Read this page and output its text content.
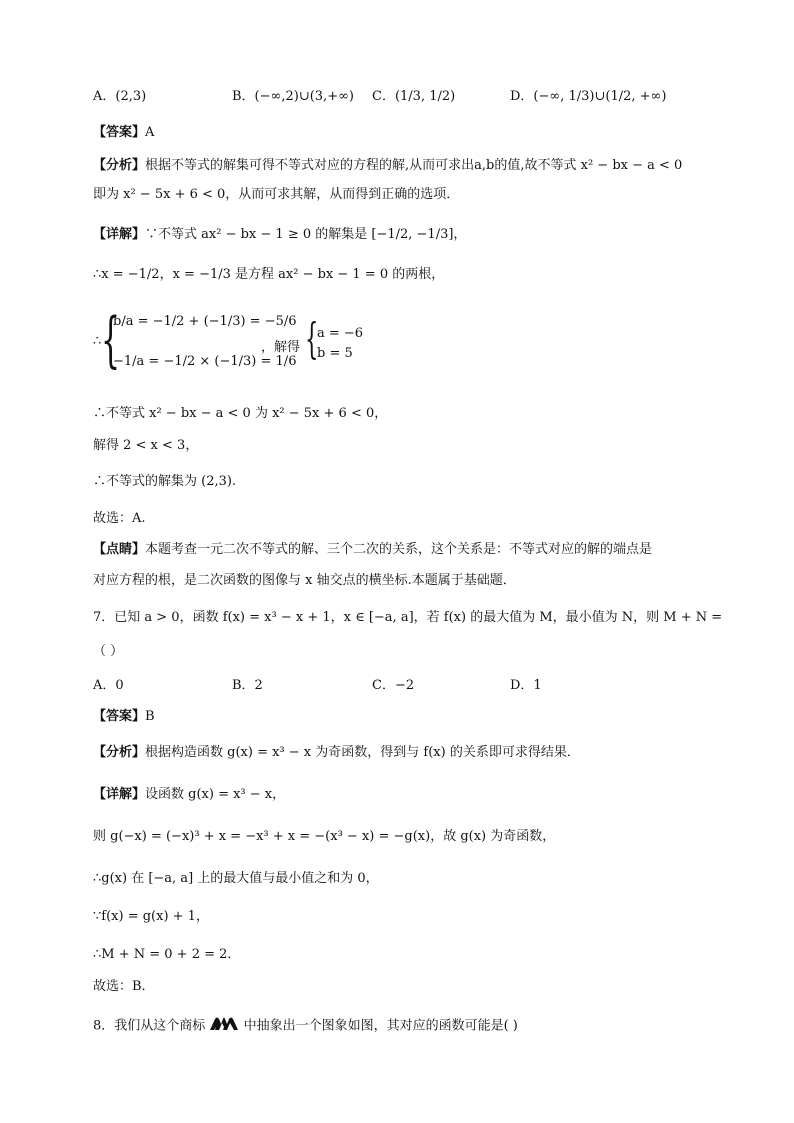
A．(2,3)	B．(−∞,2)∪(3,+∞) C．(1/3, 1/2)	D．(−∞, 1/3)∪(1/2, +∞)
【答案】A
【分析】根据不等式的解集可得不等式对应的方程的解,从而可求出a,b的值,故不等式 x² − bx − a < 0
即为 x² − 5x + 6 < 0，从而可求其解，从而得到正确的选项．
【详解】∵不等式 ax² − bx − 1 ≥ 0 的解集是 [−1/2, −1/3]，
∴x = −1/2，x = −1/3 是方程 ax² − bx − 1 = 0 的两根，
∴ {
b/a = −1/2 + (−1/3) = −5/6
−1/a = −1/2 × (−1/3) = 1/6
，解得 {
a = −6
b = 5
∴不等式 x² − bx − a < 0 为 x² − 5x + 6 < 0，
解得 2 < x < 3，
∴不等式的解集为 (2,3).
故选：A.
【点睛】本题考查一元二次不等式的解、三个二次的关系，这个关系是：不等式对应的解的端点是
对应方程的根，是二次函数的图像与 x 轴交点的横坐标.本题属于基础题．
7．已知 a > 0，函数 f(x) = x³ − x + 1，x ∈ [−a, a]，若 f(x) 的最大值为 M，最小值为 N，则 M + N =
（ ）
A．0	B．2	C．−2	D．1
【答案】B
【分析】根据构造函数 g(x) = x³ − x 为奇函数，得到与 f(x) 的关系即可求得结果．
【详解】设函数 g(x) = x³ − x，
则 g(−x) = (−x)³ + x = −x³ + x = −(x³ − x) = −g(x)，故 g(x) 为奇函数，
∴g(x) 在 [−a, a] 上的最大值与最小值之和为 0，
∵f(x) = g(x) + 1，
∴M + N = 0 + 2 = 2．
故选：B．
8．我们从这个商标	中抽象出一个图象如图，其对应的函数可能是( )
